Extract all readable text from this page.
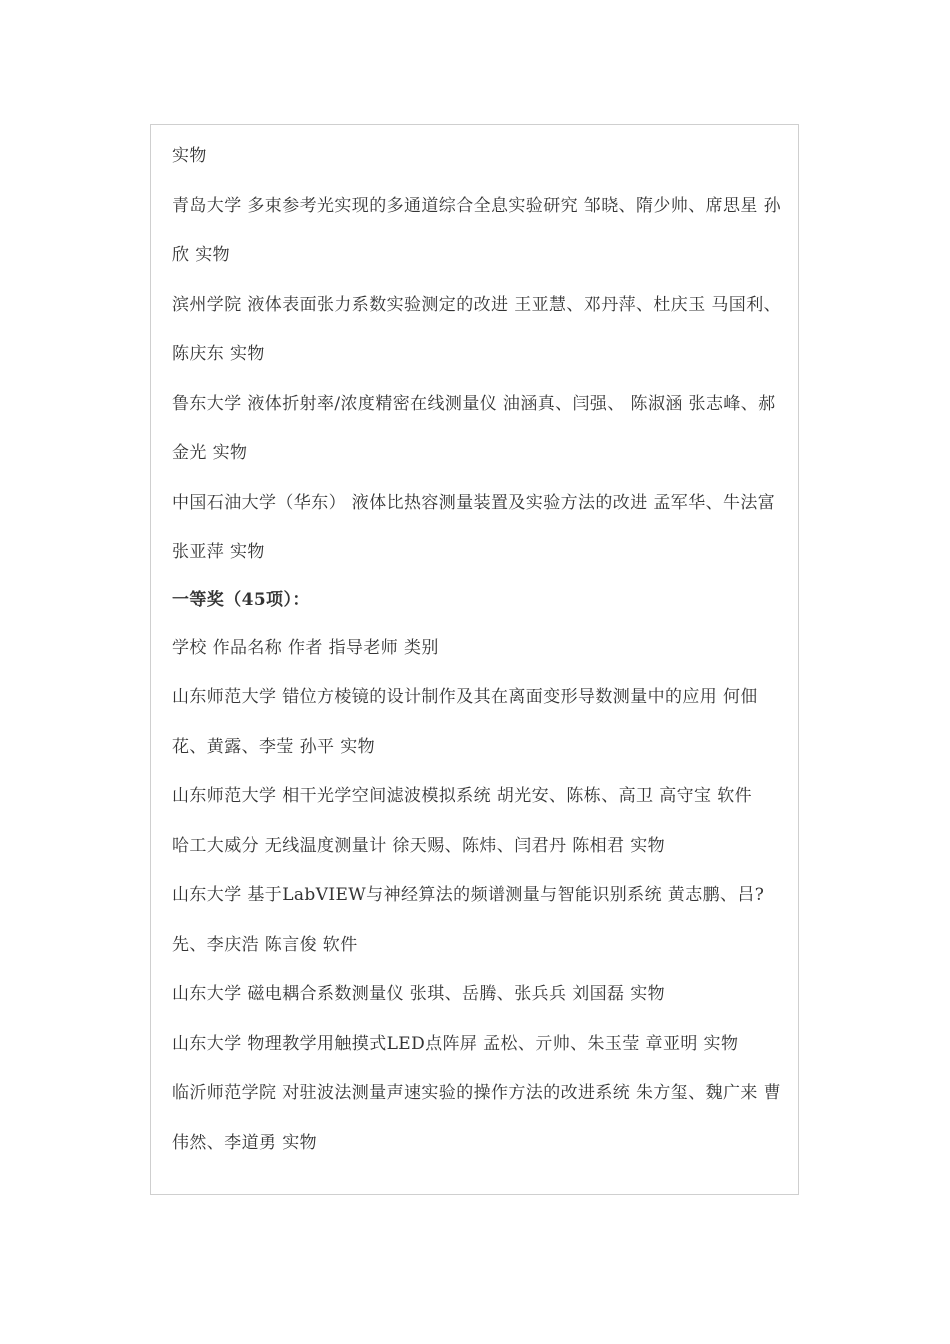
实物

青岛大学 多束参考光实现的多通道综合全息实验研究 邹晓、隋少帅、席思星 孙欣 实物

滨州学院 液体表面张力系数实验测定的改进 王亚慧、邓丹萍、杜庆玉 马国利、陈庆东 实物

鲁东大学 液体折射率/浓度精密在线测量仪 油涵真、闫强、 陈淑涵 张志峰、郝金光 实物

中国石油大学（华东） 液体比热容测量装置及实验方法的改进 孟军华、牛法富 张亚萍 实物

一等奖（45项）：

学校 作品名称 作者 指导老师 类别

山东师范大学 错位方棱镜的设计制作及其在离面变形导数测量中的应用 何佃花、黄露、李莹 孙平 实物

山东师范大学 相干光学空间滤波模拟系统 胡光安、陈栋、高卫 高守宝 软件

哈工大威分 无线温度测量计 徐天赐、陈炜、闫君丹 陈相君 实物

山东大学 基于LabVIEW与神经算法的频谱测量与智能识别系统 黄志鹏、吕?先、李庆浩 陈言俊 软件

山东大学 磁电耦合系数测量仪 张琪、岳腾、张兵兵 刘国磊 实物

山东大学 物理教学用触摸式LED点阵屏 孟松、亓帅、朱玉莹 章亚明 实物

临沂师范学院 对驻波法测量声速实验的操作方法的改进系统 朱方玺、魏广来 曹伟然、李道勇 实物
